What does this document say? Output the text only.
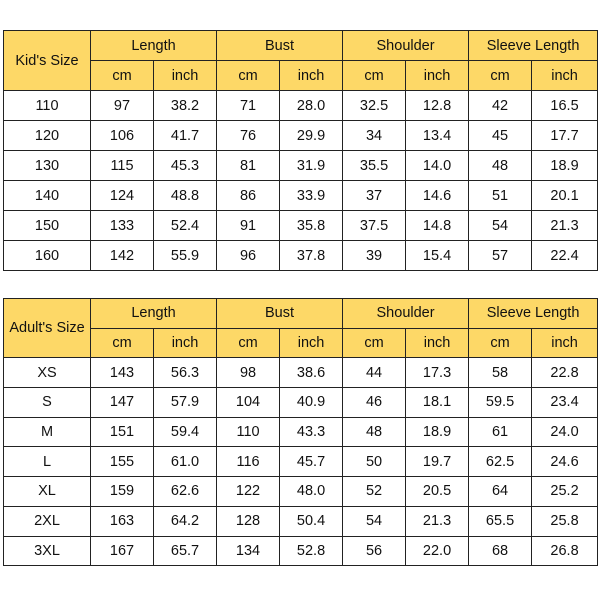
Kid's Size	Length		Bust		Shoulder		Sleeve Length	
	cm	inch	cm	inch	cm	inch	cm	inch
110	97	38.2	71	28.0	32.5	12.8	42	16.5
120	106	41.7	76	29.9	34	13.4	45	17.7
130	115	45.3	81	31.9	35.5	14.0	48	18.9
140	124	48.8	86	33.9	37	14.6	51	20.1
150	133	52.4	91	35.8	37.5	14.8	54	21.3
160	142	55.9	96	37.8	39	15.4	57	22.4
Adult's Size	Length		Bust		Shoulder		Sleeve Length	
	cm	inch	cm	inch	cm	inch	cm	inch
XS	143	56.3	98	38.6	44	17.3	58	22.8
S	147	57.9	104	40.9	46	18.1	59.5	23.4
M	151	59.4	110	43.3	48	18.9	61	24.0
L	155	61.0	116	45.7	50	19.7	62.5	24.6
XL	159	62.6	122	48.0	52	20.5	64	25.2
2XL	163	64.2	128	50.4	54	21.3	65.5	25.8
3XL	167	65.7	134	52.8	56	22.0	68	26.8
